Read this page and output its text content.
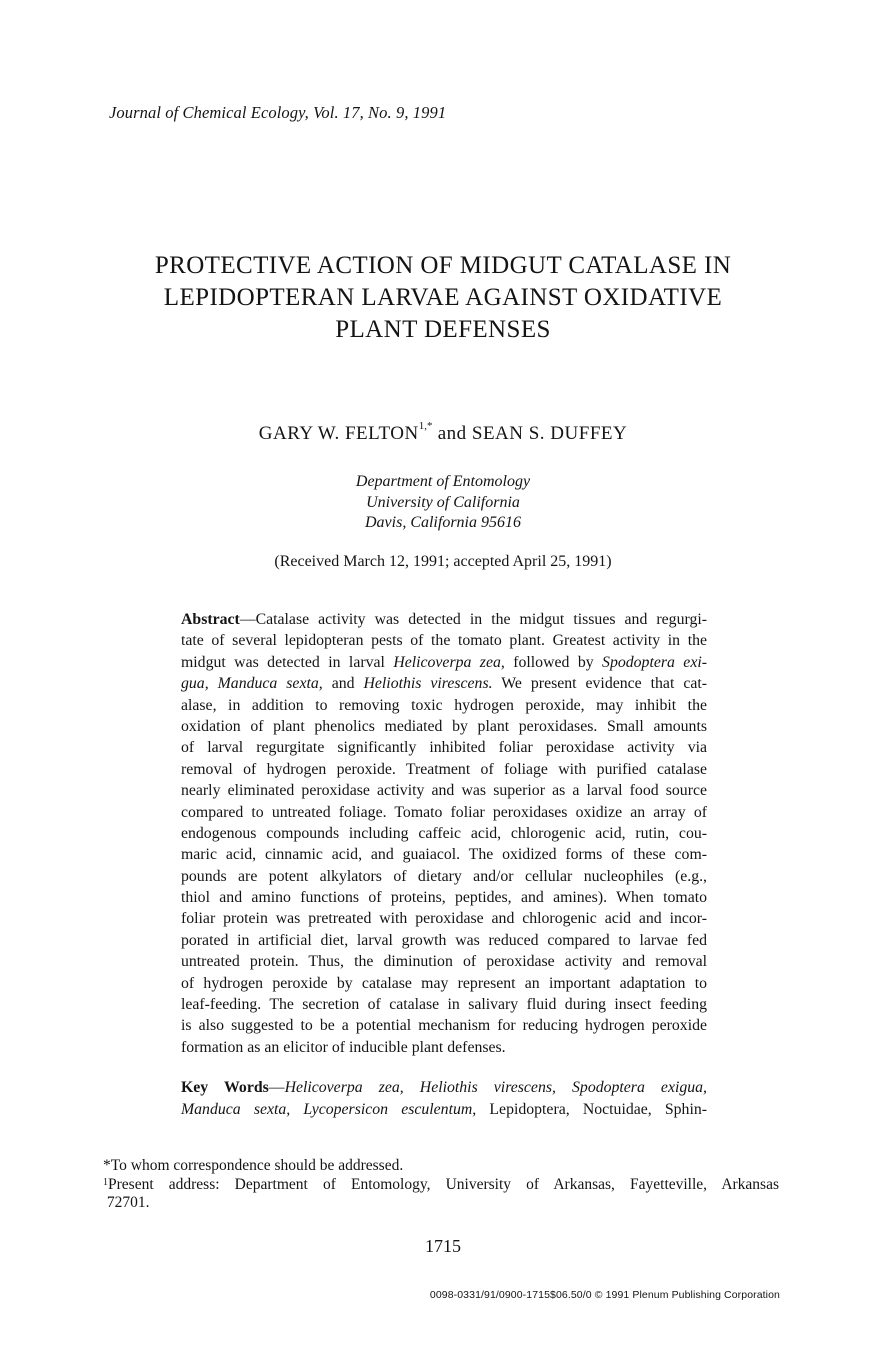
Journal of Chemical Ecology, Vol. 17, No. 9, 1991
PROTECTIVE ACTION OF MIDGUT CATALASE IN
LEPIDOPTERAN LARVAE AGAINST OXIDATIVE
PLANT DEFENSES
GARY W. $FELTON^{1,*}$ and SEAN S. DUFFEY
Department of Entomology
University of California
Davis, California 95616
(Received March 12, 1991; accepted April 25, 1991)
Abstract—Catalase activity was detected in the midgut tissues and regurgi-
tate of several lepidopteran pests of the tomato plant. Greatest activity in the
midgut was detected in larval Helicoverpa zea, followed by Spodoptera exi-
gua, Manduca sexta, and Heliothis virescens. We present evidence that cat-
alase, in addition to removing toxic hydrogen peroxide, may inhibit the
oxidation of plant phenolics mediated by plant peroxidases. Small amounts
of larval regurgitate significantly inhibited foliar peroxidase activity via
removal of hydrogen peroxide. Treatment of foliage with purified catalase
nearly eliminated peroxidase activity and was superior as a larval food source
compared to untreated foliage. Tomato foliar peroxidases oxidize an array of
endogenous compounds including caffeic acid, chlorogenic acid, rutin, cou-
maric acid, cinnamic acid, and guaiacol. The oxidized forms of these com-
pounds are potent alkylators of dietary and/or cellular nucleophiles (e.g.,
thiol and amino functions of proteins, peptides, and amines). When tomato
foliar protein was pretreated with peroxidase and chlorogenic acid and incor-
porated in artificial diet, larval growth was reduced compared to larvae fed
untreated protein. Thus, the diminution of peroxidase activity and removal
of hydrogen peroxide by catalase may represent an important adaptation to
leaf-feeding. The secretion of catalase in salivary fluid during insect feeding
is also suggested to be a potential mechanism for reducing hydrogen peroxide
formation as an elicitor of inducible plant defenses.
Key Words—Helicoverpa zea, Heliothis virescens, Spodoptera exigua,
Manduca sexta, Lycopersicon esculentum, Lepidoptera, Noctuidae, Sphin-
*To whom correspondence should be addressed.
$^1$Present address: Department of Entomology, University of Arkansas, Fayetteville, Arkansas
72701.
1715
0098-0331/91/0900-1715$06.50/0 © 1991 Plenum Publishing Corporation
